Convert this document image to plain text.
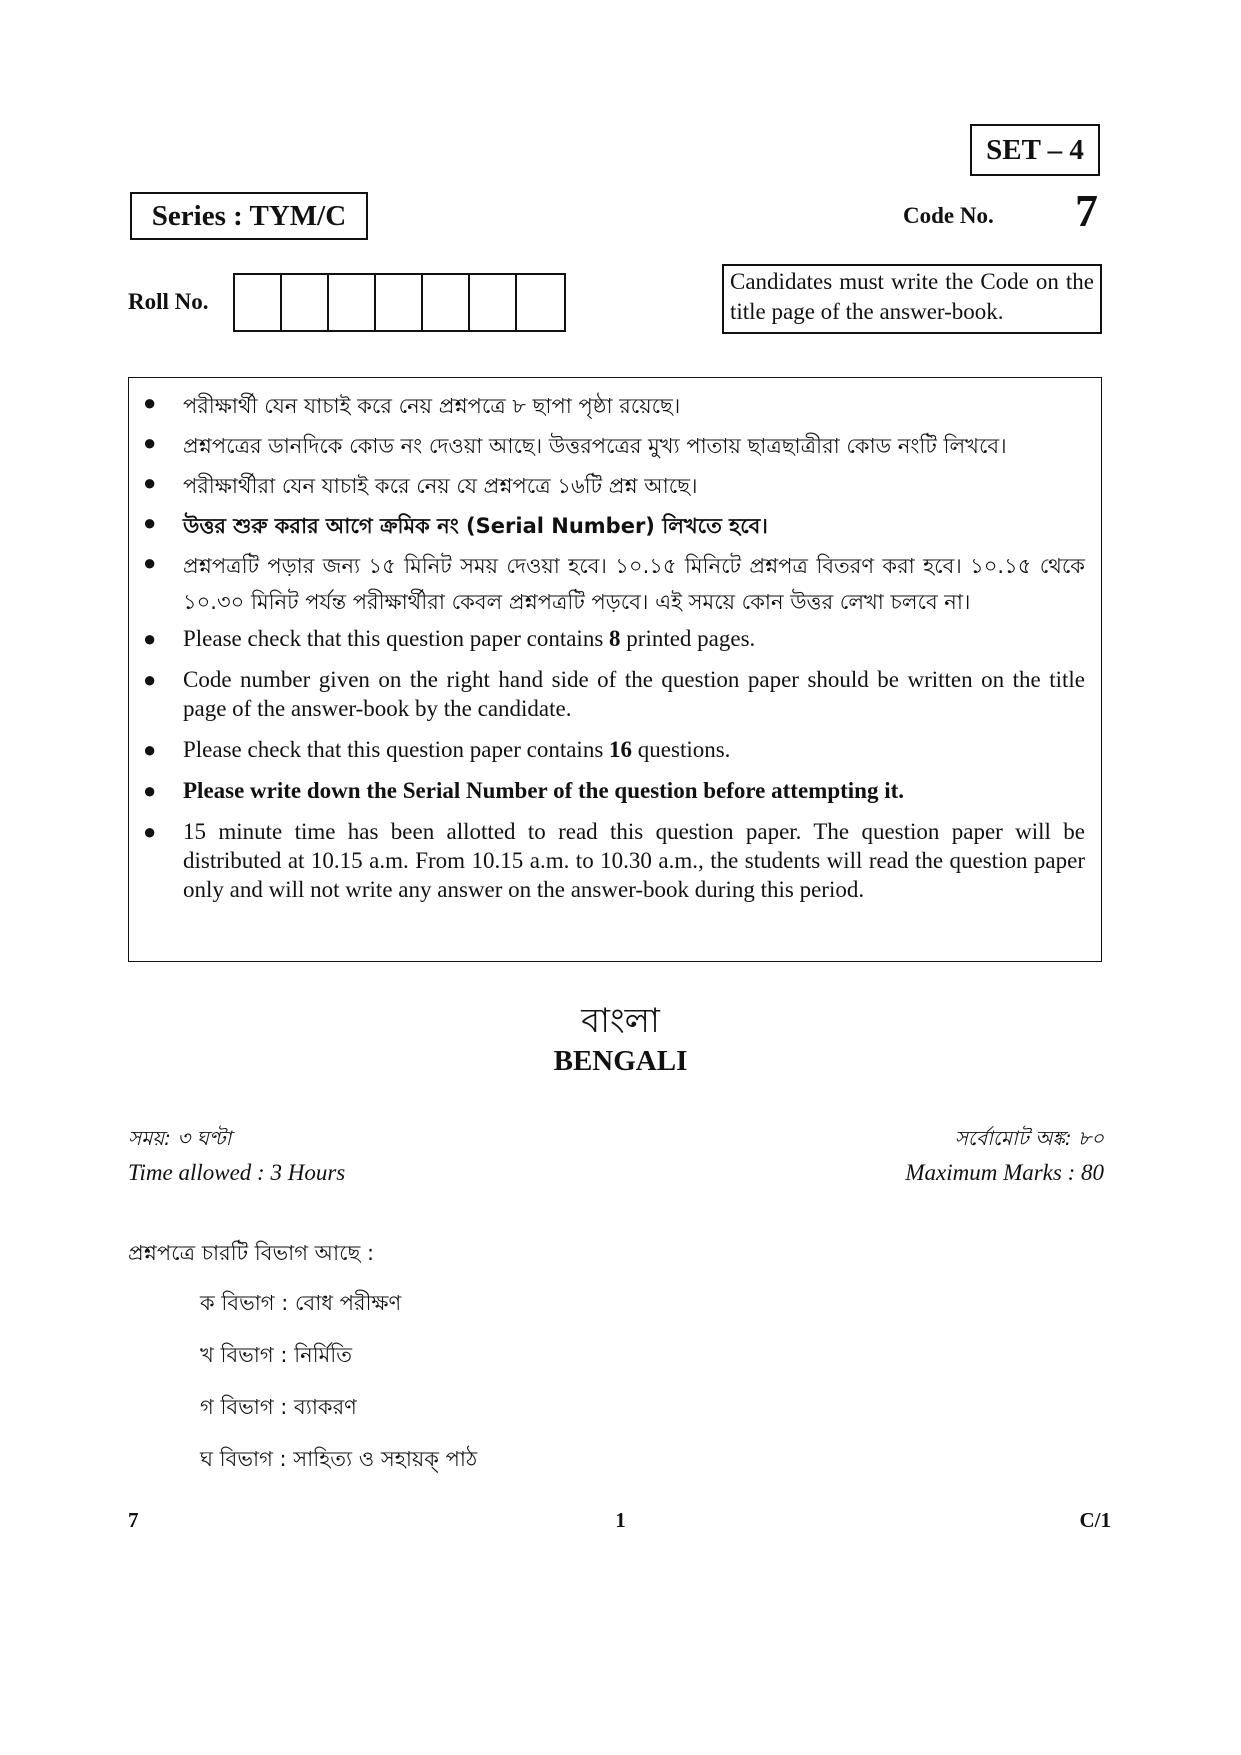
SET – 4
Series : TYM/C	Code No. 7
Roll No.
Candidates must write the Code on the title page of the answer-book.
● পরীক্ষার্থী যেন যাচাই করে নেয় প্রশ্নপত্রে ৮ ছাপা পৃষ্ঠা রয়েছে।
● প্রশ্নপত্রের ডানদিকে কোড নং দেওয়া আছে। উত্তরপত্রের মুখ্য পাতায় ছাত্রছাত্রীরা কোড নংটি লিখবে।
● পরীক্ষার্থীরা যেন যাচাই করে নেয় যে প্রশ্নপত্রে ১৬টি প্রশ্ন আছে।
● উত্তর শুরু করার আগে ক্রমিক নং (Serial Number) লিখতে হবে।
● প্রশ্নপত্রটি পড়ার জন্য ১৫ মিনিট সময় দেওয়া হবে। ১০.১৫ মিনিটে প্রশ্নপত্র বিতরণ করা হবে। ১০.১৫ থেকে ১০.৩০ মিনিট পর্যন্ত পরীক্ষার্থীরা কেবল প্রশ্নপত্রটি পড়বে। এই সময়ে কোন উত্তর লেখা চলবে না।
● Please check that this question paper contains 8 printed pages.
● Code number given on the right hand side of the question paper should be written on the title page of the answer-book by the candidate.
● Please check that this question paper contains 16 questions.
● Please write down the Serial Number of the question before attempting it.
● 15 minute time has been allotted to read this question paper. The question paper will be distributed at 10.15 a.m. From 10.15 a.m. to 10.30 a.m., the students will read the question paper only and will not write any answer on the answer-book during this period.
বাংলা
BENGALI
সময়: ৩ ঘণ্টা
Time allowed : 3 Hours
সর্বোমোট অঙ্ক: ৮০
Maximum Marks : 80
প্রশ্নপত্রে চারটি বিভাগ আছে :
ক বিভাগ : বোধ পরীক্ষণ
খ বিভাগ : নির্মিতি
গ বিভাগ : ব্যাকরণ
ঘ বিভাগ : সাহিত্য ও সহায়ক্ পাঠ
7	1	C/1
